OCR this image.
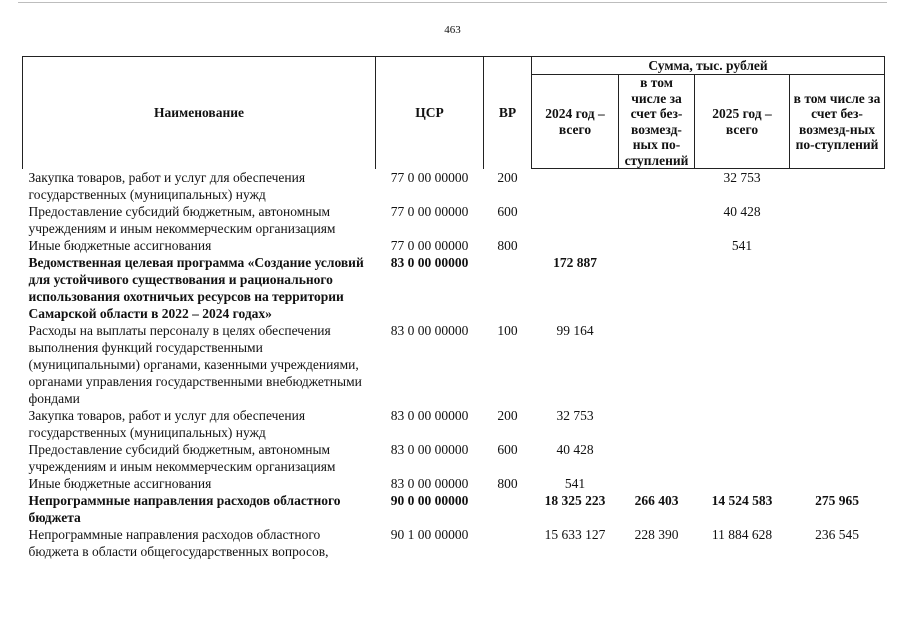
463
Наименование	ЦСР	ВР	Сумма, тыс. рублей			
			2024 год – всего	в том числе за счет без-возмезд-ных по-ступлений	2025 год – всего	в том числе за счет без-возмезд-ных по-ступлений
Закупка товаров, работ и услуг для обеспечения государственных (муниципальных) нужд	77 0 00 00000	200			32 753	
Предоставление субсидий бюджетным, автономным учреждениям и иным некоммерческим организациям	77 0 00 00000	600			40 428	
Иные бюджетные ассигнования	77 0 00 00000	800			541	
Ведомственная целевая программа «Создание условий для устойчивого существования и рационального использования охотничьих ресурсов на территории Самарской области в 2022 – 2024 годах»	83 0 00 00000		172 887			
Расходы на выплаты персоналу в целях обеспечения выполнения функций государственными (муниципальными) органами, казенными учреждениями, органами управления государственными внебюджетными фондами	83 0 00 00000	100	99 164			
Закупка товаров, работ и услуг для обеспечения государственных (муниципальных) нужд	83 0 00 00000	200	32 753			
Предоставление субсидий бюджетным, автономным учреждениям и иным некоммерческим организациям	83 0 00 00000	600	40 428			
Иные бюджетные ассигнования	83 0 00 00000	800	541			
Непрограммные направления расходов областного бюджета	90 0 00 00000		18 325 223	266 403	14 524 583	275 965
Непрограммные направления расходов областного бюджета в области общегосударственных вопросов,	90 1 00 00000		15 633 127	228 390	11 884 628	236 545
